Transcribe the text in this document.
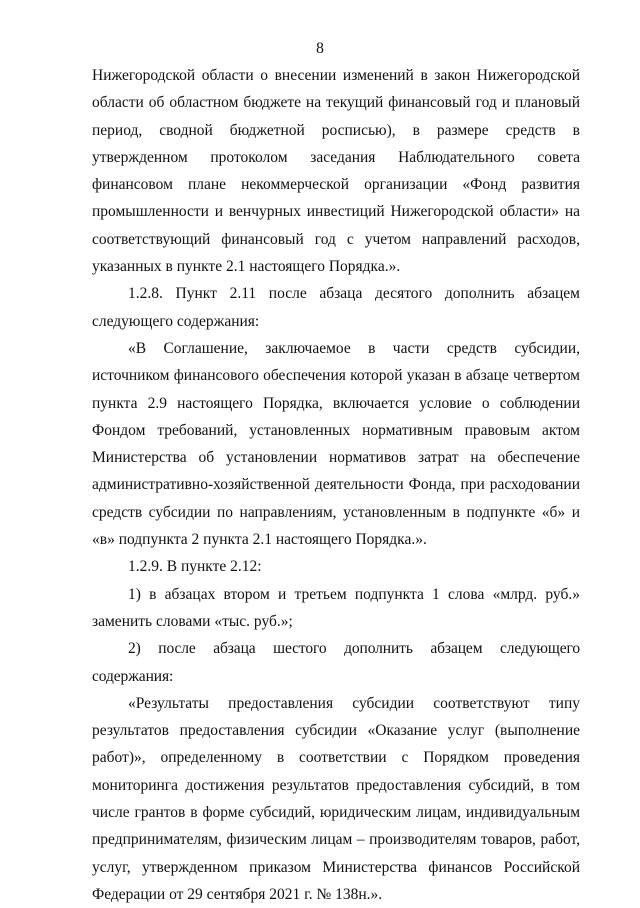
8

Нижегородской области о внесении изменений в закон Нижегородской области об областном бюджете на текущий финансовый год и плановый период, сводной бюджетной росписью), в размере средств в утвержденном протоколом заседания Наблюдательного совета финансовом плане некоммерческой организации «Фонд развития промышленности и венчурных инвестиций Нижегородской области» на соответствующий финансовый год с учетом направлений расходов, указанных в пункте 2.1 настоящего Порядка.».

1.2.8. Пункт 2.11 после абзаца десятого дополнить абзацем следующего содержания:

«В Соглашение, заключаемое в части средств субсидии, источником финансового обеспечения которой указан в абзаце четвертом пункта 2.9 настоящего Порядка, включается условие о соблюдении Фондом требований, установленных нормативным правовым актом Министерства об установлении нормативов затрат на обеспечение административно-хозяйственной деятельности Фонда, при расходовании средств субсидии по направлениям, установленным в подпункте «б» и «в» подпункта 2 пункта 2.1 настоящего Порядка.».

1.2.9. В пункте 2.12:

1) в абзацах втором и третьем подпункта 1 слова «млрд. руб.» заменить словами «тыс. руб.»;

2) после абзаца шестого дополнить абзацем следующего содержания:

«Результаты предоставления субсидии соответствуют типу результатов предоставления субсидии «Оказание услуг (выполнение работ)», определенному в соответствии с Порядком проведения мониторинга достижения результатов предоставления субсидий, в том числе грантов в форме субсидий, юридическим лицам, индивидуальным предпринимателям, физическим лицам – производителям товаров, работ, услуг, утвержденном приказом Министерства финансов Российской Федерации от 29 сентября 2021 г. № 138н.».
